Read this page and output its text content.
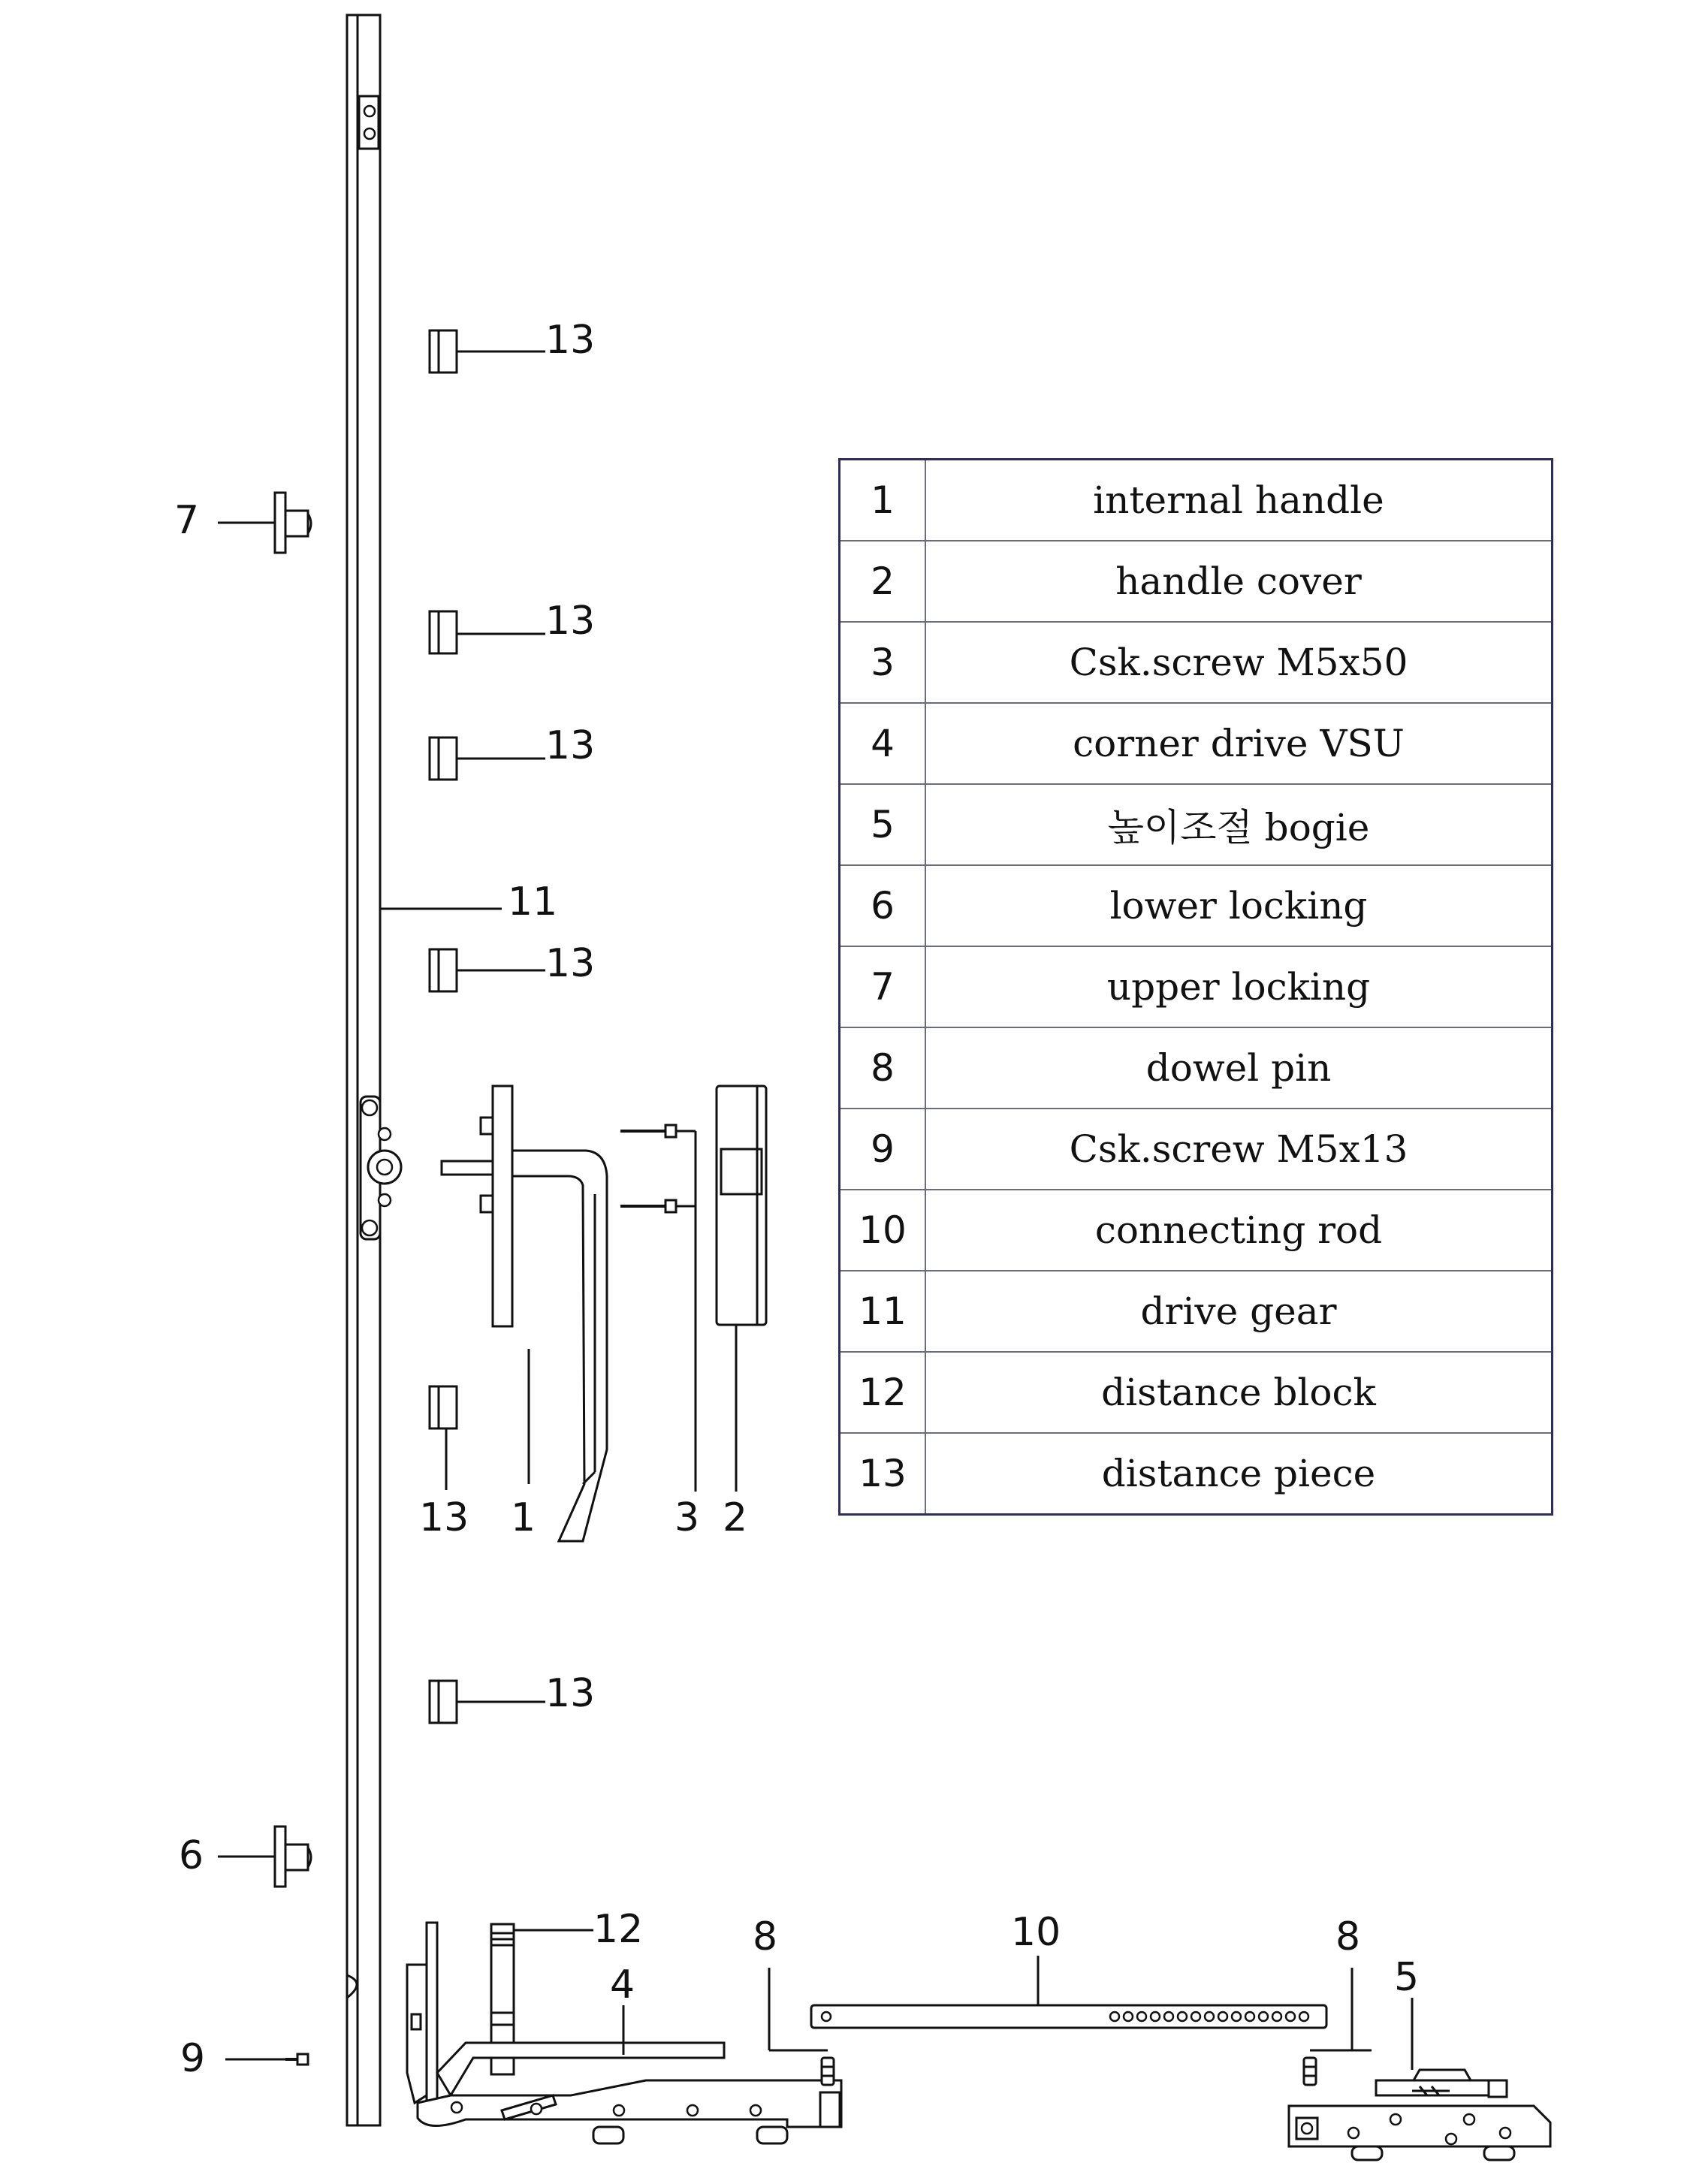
11
7
6
9
13
13
13
13
13
13
1	3 2
12
4
8	10	8
5
1	internal handle
2	handle cover
3	Csk.screw M5x50
4	corner drive VSU
5	높이조절 bogie
6	lower locking
7	upper locking
8	dowel pin
9	Csk.screw M5x13
10	connecting rod
11	drive gear
12	distance block
13	distance piece
